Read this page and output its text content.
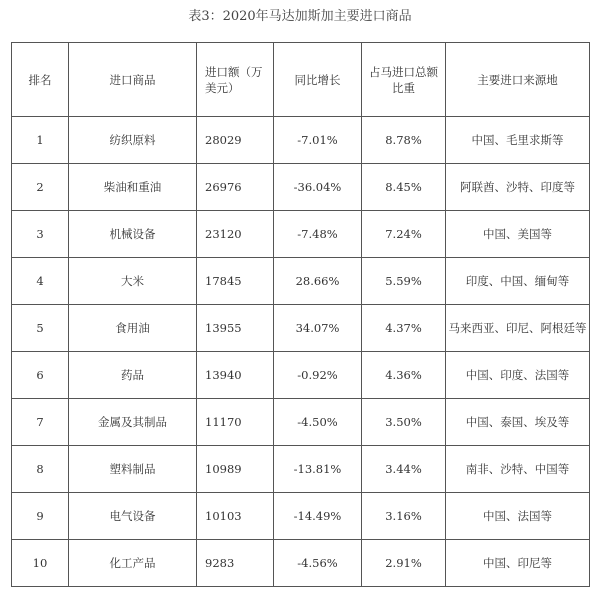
表3：2020年马达加斯加主要进口商品
排名	进口商品	进口额（万美元）	同比增长	占马进口总额比重	主要进口来源地
1	纺织原料	28029	-7.01%	8.78%	中国、毛里求斯等
2	柴油和重油	26976	-36.04%	8.45%	阿联酋、沙特、印度等
3	机械设备	23120	-7.48%	7.24%	中国、美国等
4	大米	17845	28.66%	5.59%	印度、中国、缅甸等
5	食用油	13955	34.07%	4.37%	马来西亚、印尼、阿根廷等
6	药品	13940	-0.92%	4.36%	中国、印度、法国等
7	金属及其制品	11170	-4.50%	3.50%	中国、泰国、埃及等
8	塑料制品	10989	-13.81%	3.44%	南非、沙特、中国等
9	电气设备	10103	-14.49%	3.16%	中国、法国等
10	化工产品	9283	-4.56%	2.91%	中国、印尼等
